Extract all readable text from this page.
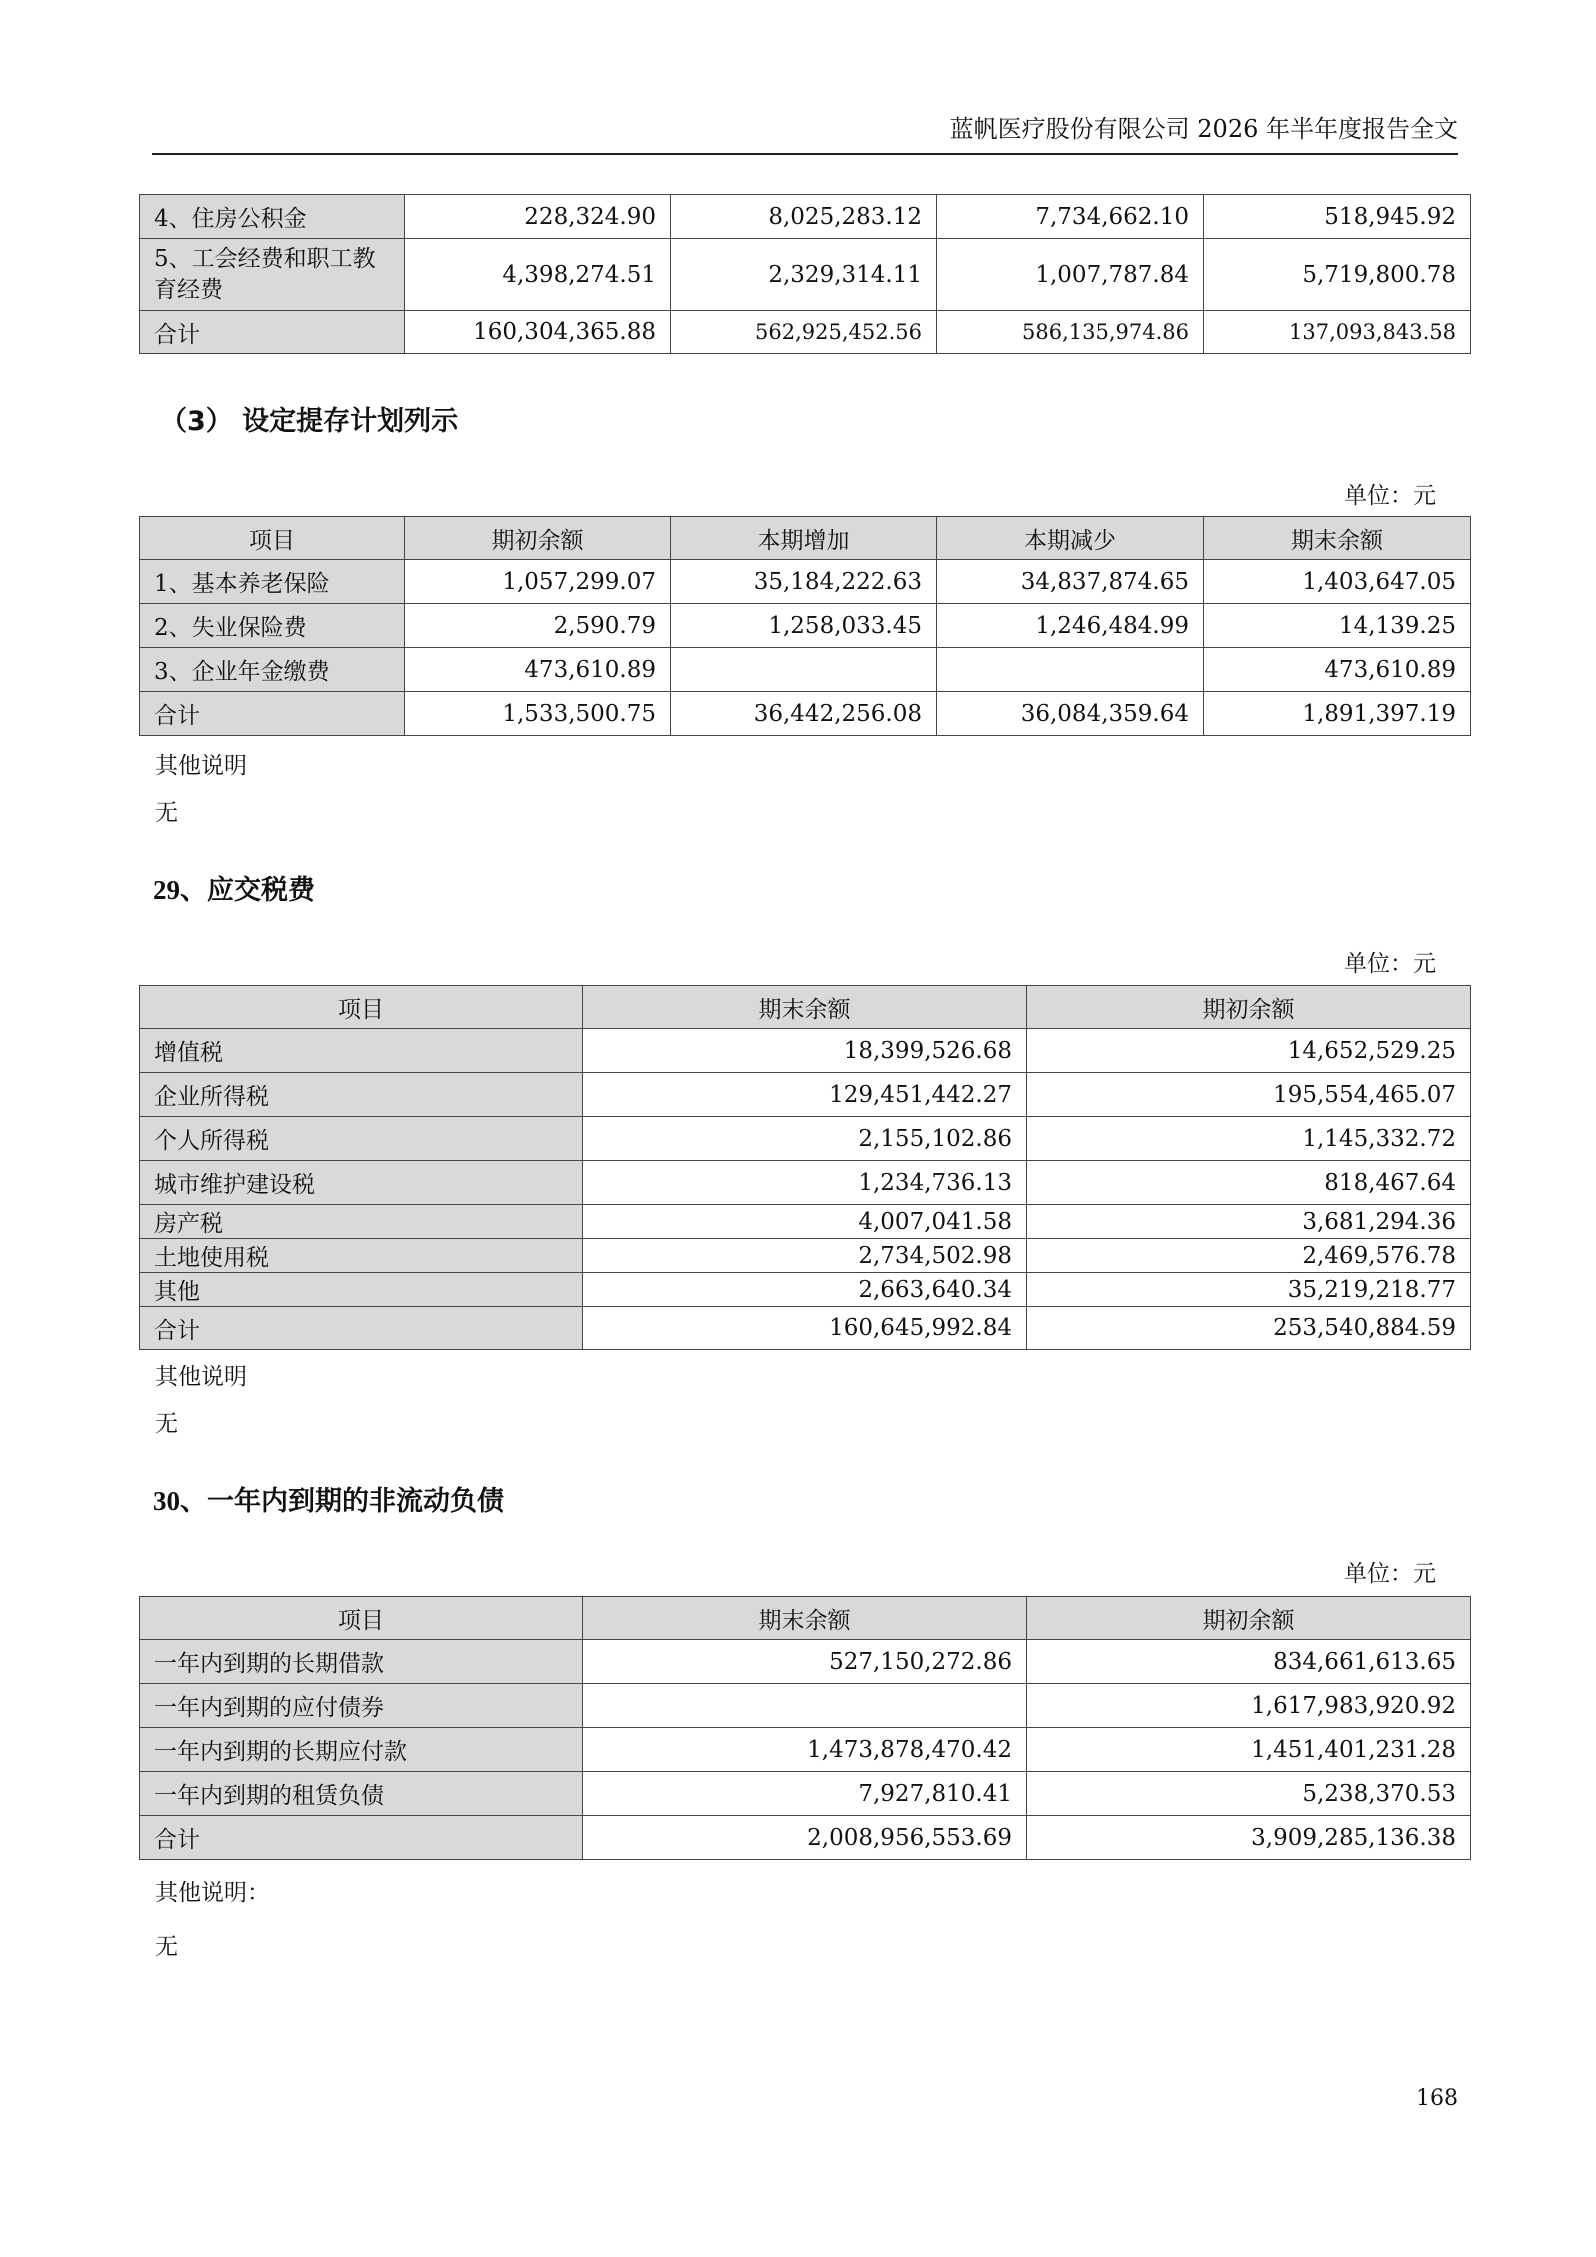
蓝帆医疗股份有限公司 2026 年半年度报告全文
4、住房公积金	228,324.90	8,025,283.12	7,734,662.10	518,945.92
5、工会经费和职工教育经费	4,398,274.51	2,329,314.11	1,007,787.84	5,719,800.78
合计	160,304,365.88	562,925,452.56	586,135,974.86	137,093,843.58
（3） 设定提存计划列示
单位：元
项目	期初余额	本期增加	本期减少	期末余额
1、基本养老保险	1,057,299.07	35,184,222.63	34,837,874.65	1,403,647.05
2、失业保险费	2,590.79	1,258,033.45	1,246,484.99	14,139.25
3、企业年金缴费	473,610.89			473,610.89
合计	1,533,500.75	36,442,256.08	36,084,359.64	1,891,397.19
其他说明
无
29、应交税费
单位：元
项目	期末余额	期初余额
增值税	18,399,526.68	14,652,529.25
企业所得税	129,451,442.27	195,554,465.07
个人所得税	2,155,102.86	1,145,332.72
城市维护建设税	1,234,736.13	818,467.64
房产税	4,007,041.58	3,681,294.36
土地使用税	2,734,502.98	2,469,576.78
其他	2,663,640.34	35,219,218.77
合计	160,645,992.84	253,540,884.59
其他说明
无
30、一年内到期的非流动负债
单位：元
项目	期末余额	期初余额
一年内到期的长期借款	527,150,272.86	834,661,613.65
一年内到期的应付债券		1,617,983,920.92
一年内到期的长期应付款	1,473,878,470.42	1,451,401,231.28
一年内到期的租赁负债	7,927,810.41	5,238,370.53
合计	2,008,956,553.69	3,909,285,136.38
其他说明：
无
168
